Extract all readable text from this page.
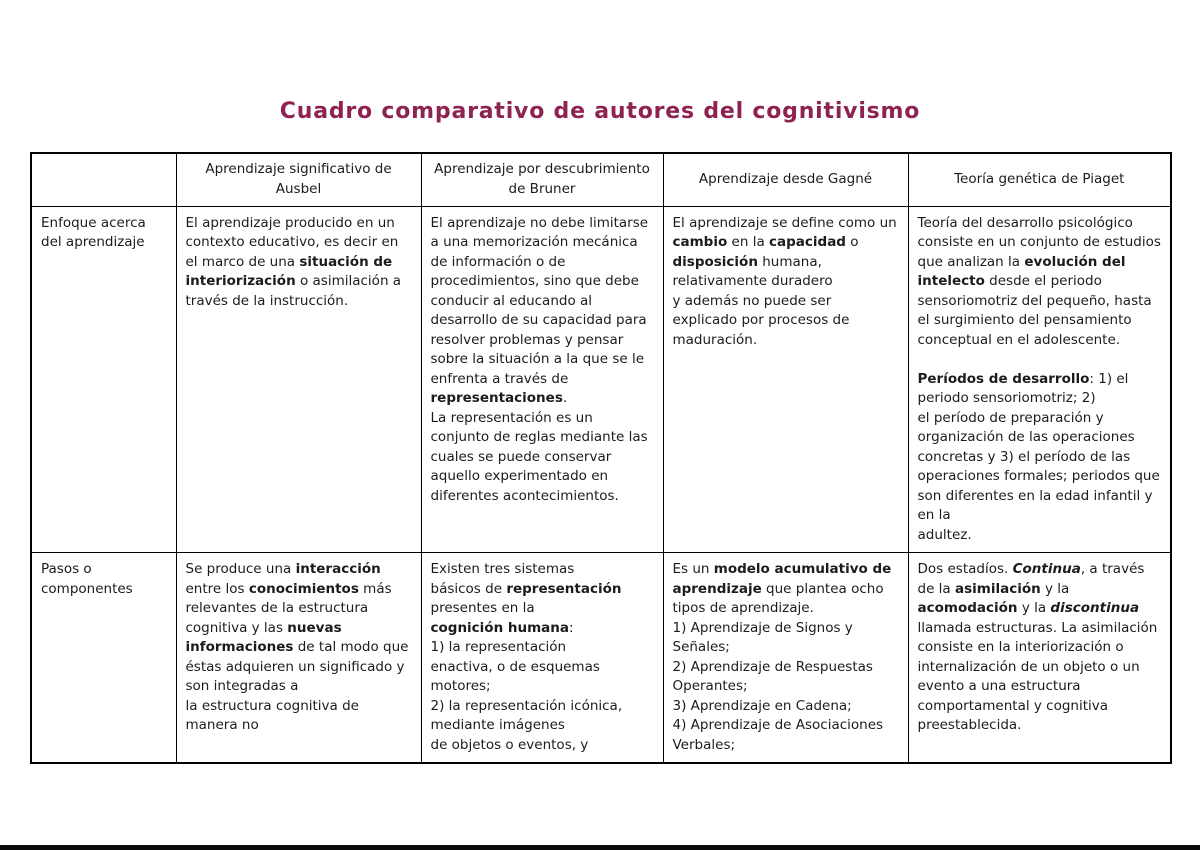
Cuadro comparativo de autores del cognitivismo
	Aprendizaje significativo de Ausbel	Aprendizaje por descubrimiento de Bruner	Aprendizaje desde Gagné	Teoría genética de Piaget
Enfoque acerca del aprendizaje	El aprendizaje producido en un contexto educativo, es decir en el marco de una situación de interiorización o asimilación a través de la instrucción.	El aprendizaje no debe limitarse a una memorización mecánica de información o de procedimientos, sino que debe conducir al educando al desarrollo de su capacidad para resolver problemas y pensar sobre la situación a la que se le enfrenta a través de representaciones.
La representación es un conjunto de reglas mediante las cuales se puede conservar aquello experimentado en diferentes acontecimientos.	El aprendizaje se define como un cambio en la capacidad o disposición humana, relativamente duradero
y además no puede ser explicado por procesos de maduración.	Teoría del desarrollo psicológico consiste en un conjunto de estudios que analizan la evolución del intelecto desde el periodo sensoriomotriz del pequeño, hasta el surgimiento del pensamiento conceptual en el adolescente.

Períodos de desarrollo: 1) el periodo sensoriomotriz; 2)
el período de preparación y organización de las operaciones concretas y 3) el período de las operaciones formales; periodos que son diferentes en la edad infantil y en la
adultez.
Pasos o componentes	Se produce una interacción entre los conocimientos más relevantes de la estructura cognitiva y las nuevas informaciones de tal modo que éstas adquieren un significado y son integradas a
la estructura cognitiva de manera no	Existen tres sistemas
básicos de representación
presentes en la
cognición humana:
1) la representación
enactiva, o de esquemas motores;
2) la representación icónica,
mediante imágenes
de objetos o eventos, y	Es un modelo acumulativo de aprendizaje que plantea ocho tipos de aprendizaje.
1) Aprendizaje de Signos y Señales;
2) Aprendizaje de Respuestas Operantes;
3) Aprendizaje en Cadena;
4) Aprendizaje de Asociaciones Verbales;	Dos estadíos. Continua, a través de la asimilación y la acomodación y la discontinua llamada estructuras. La asimilación consiste en la interiorización o internalización de un objeto o un evento a una estructura comportamental y cognitiva preestablecida.
